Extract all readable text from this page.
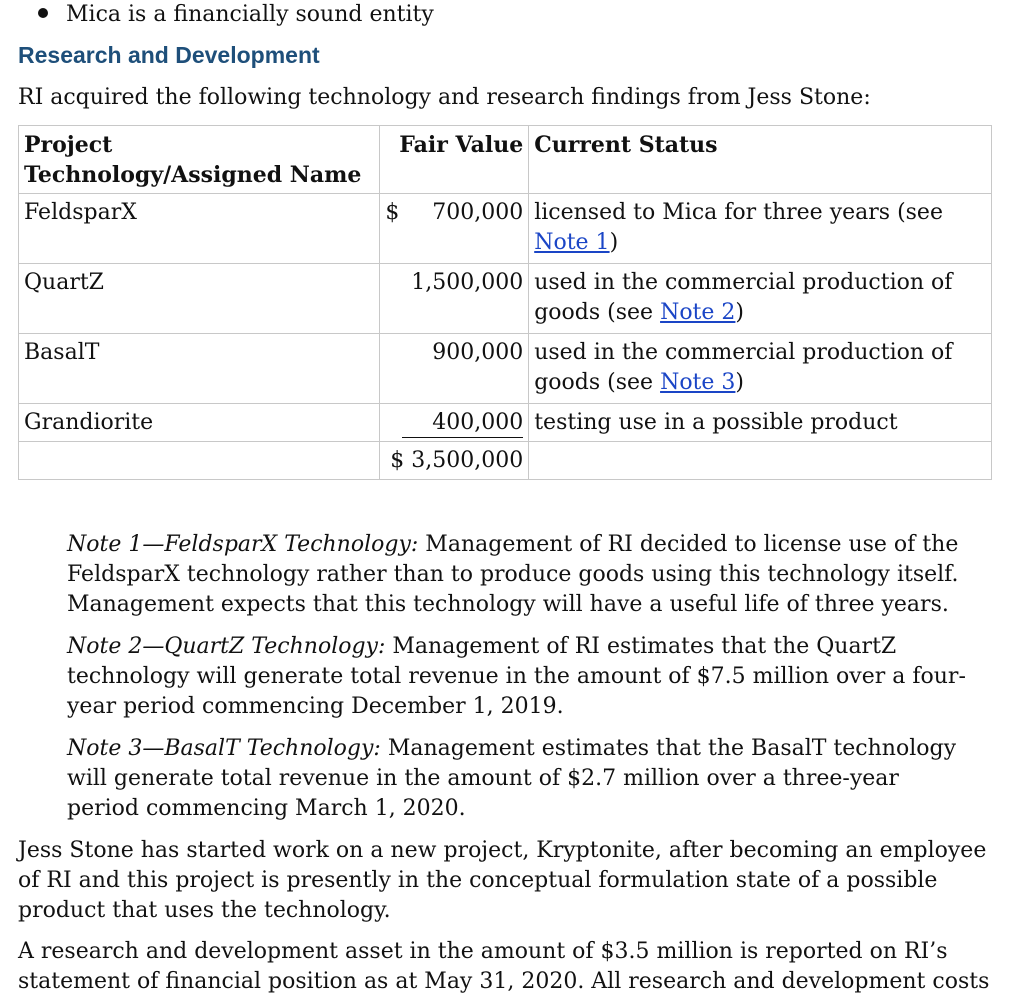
Mica is a financially sound entity
Research and Development
RI acquired the following technology and research findings from Jess Stone:
Project Technology/Assigned Name	Fair Value	Current Status
FeldsparX	$ 700,000	licensed to Mica for three years (see Note 1)
QuartZ	1,500,000	used in the commercial production of goods (see Note 2)
BasalT	900,000	used in the commercial production of goods (see Note 3)
Grandiorite	400,000	testing use in a possible product
	$ 3,500,000	

Note 1—FeldsparX Technology: Management of RI decided to license use of the FeldsparX technology rather than to produce goods using this technology itself. Management expects that this technology will have a useful life of three years.

Note 2—QuartZ Technology: Management of RI estimates that the QuartZ technology will generate total revenue in the amount of $7.5 million over a four-year period commencing December 1, 2019.

Note 3—BasalT Technology: Management estimates that the BasalT technology will generate total revenue in the amount of $2.7 million over a three-year period commencing March 1, 2020.

Jess Stone has started work on a new project, Kryptonite, after becoming an employee of RI and this project is presently in the conceptual formulation state of a possible product that uses the technology.
A research and development asset in the amount of $3.5 million is reported on RI’s statement of financial position as at May 31, 2020. All research and development costs
